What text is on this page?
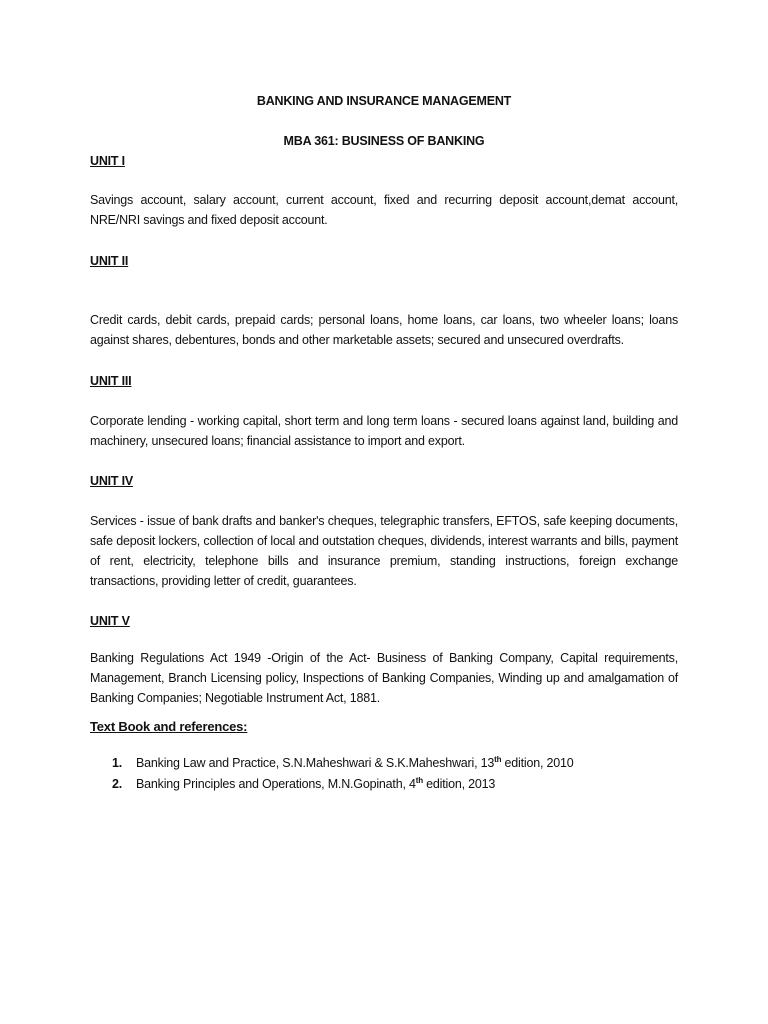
BANKING AND INSURANCE MANAGEMENT
MBA 361: BUSINESS OF BANKING
UNIT I
Savings account, salary account, current account, fixed and recurring deposit account,demat account, NRE/NRI savings and fixed deposit account.
UNIT II
Credit cards, debit cards, prepaid cards; personal loans, home loans, car loans, two wheeler loans; loans against shares, debentures, bonds and other marketable assets; secured and unsecured overdrafts.
UNIT III
Corporate lending - working capital, short term and long term loans - secured loans against land, building and machinery, unsecured loans; financial assistance to import and export.
UNIT IV
Services - issue of bank drafts and banker's cheques, telegraphic transfers, EFTOS, safe keeping documents, safe deposit lockers, collection of local and outstation cheques, dividends, interest warrants and bills, payment of rent, electricity, telephone bills and insurance premium, standing instructions, foreign exchange transactions, providing letter of credit, guarantees.
UNIT V
Banking Regulations Act 1949 -Origin of the Act- Business of Banking Company, Capital requirements, Management, Branch Licensing policy, Inspections of Banking Companies, Winding up and amalgamation of Banking Companies; Negotiable Instrument Act, 1881.
Text Book and references:
1. Banking Law and Practice, S.N.Maheshwari & S.K.Maheshwari, 13th edition, 2010
2. Banking Principles and Operations, M.N.Gopinath, 4th edition, 2013
